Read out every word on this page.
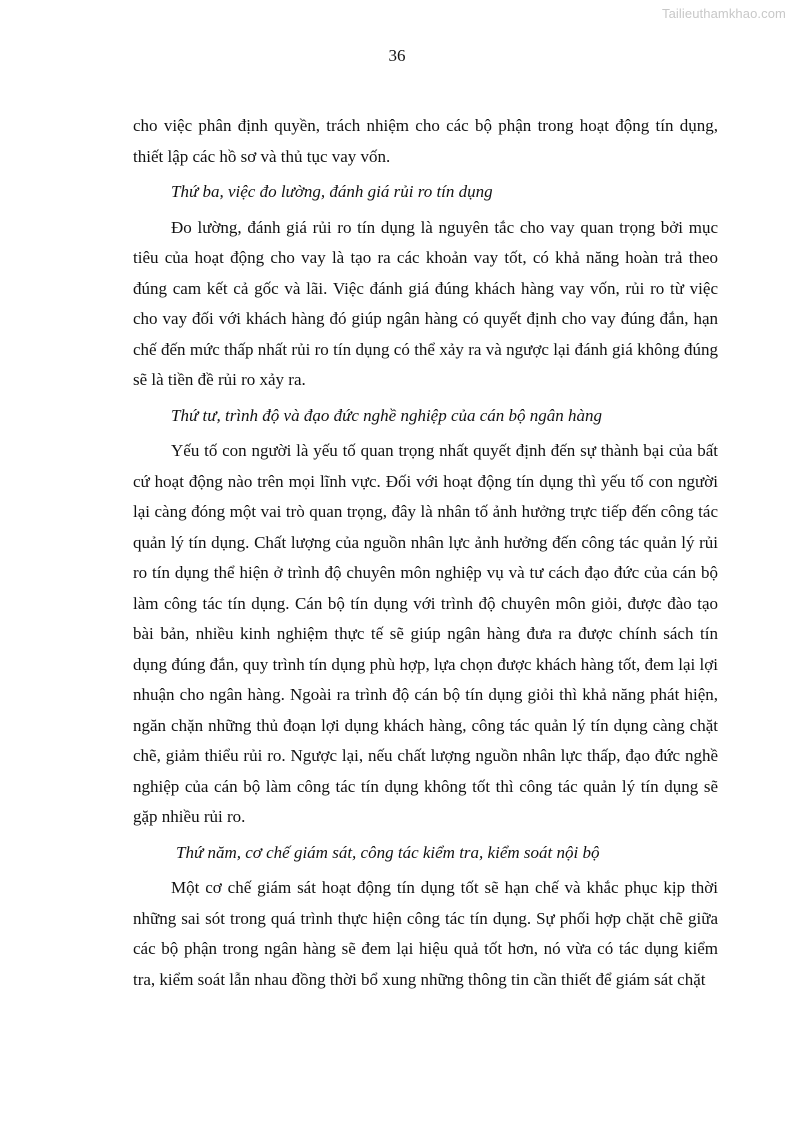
Tailieuthamkhao.com
36

cho việc phân định quyền, trách nhiệm cho các bộ phận trong hoạt động tín dụng, thiết lập các hồ sơ và thủ tục vay vốn.

Thứ ba, việc đo lường, đánh giá rủi ro tín dụng

Đo lường, đánh giá rủi ro tín dụng là nguyên tắc cho vay quan trọng bởi mục tiêu của hoạt động cho vay là tạo ra các khoản vay tốt, có khả năng hoàn trả theo đúng cam kết cả gốc và lãi. Việc đánh giá đúng khách hàng vay vốn, rủi ro từ việc cho vay đối với khách hàng đó giúp ngân hàng có quyết định cho vay đúng đắn, hạn chế đến mức thấp nhất rủi ro tín dụng có thể xảy ra và ngược lại đánh giá không đúng sẽ là tiền đề rủi ro xảy ra.

Thứ tư, trình độ và đạo đức nghề nghiệp của cán bộ ngân hàng

Yếu tố con người là yếu tố quan trọng nhất quyết định đến sự thành bại của bất cứ hoạt động nào trên mọi lĩnh vực. Đối với hoạt động tín dụng thì yếu tố con người lại càng đóng một vai trò quan trọng, đây là nhân tố ảnh hưởng trực tiếp đến công tác quản lý tín dụng. Chất lượng của nguồn nhân lực ảnh hưởng đến công tác quản lý rủi ro tín dụng thể hiện ở trình độ chuyên môn nghiệp vụ và tư cách đạo đức của cán bộ làm công tác tín dụng. Cán bộ tín dụng với trình độ chuyên môn giỏi, được đào tạo bài bản, nhiều kinh nghiệm thực tế sẽ giúp ngân hàng đưa ra được chính sách tín dụng đúng đắn, quy trình tín dụng phù hợp, lựa chọn được khách hàng tốt, đem lại lợi nhuận cho ngân hàng. Ngoài ra trình độ cán bộ tín dụng giỏi thì khả năng phát hiện, ngăn chặn những thủ đoạn lợi dụng khách hàng, công tác quản lý tín dụng càng chặt chẽ, giảm thiểu rủi ro. Ngược lại, nếu chất lượng nguồn nhân lực thấp, đạo đức nghề nghiệp của cán bộ làm công tác tín dụng không tốt thì công tác quản lý tín dụng sẽ gặp nhiều rủi ro.

Thứ năm, cơ chế giám sát, công tác kiểm tra, kiểm soát nội bộ

Một cơ chế giám sát hoạt động tín dụng tốt sẽ hạn chế và khắc phục kịp thời những sai sót trong quá trình thực hiện công tác tín dụng. Sự phối hợp chặt chẽ giữa các bộ phận trong ngân hàng sẽ đem lại hiệu quả tốt hơn, nó vừa có tác dụng kiểm tra, kiểm soát lẫn nhau đồng thời bổ xung những thông tin cần thiết để giám sát chặt
